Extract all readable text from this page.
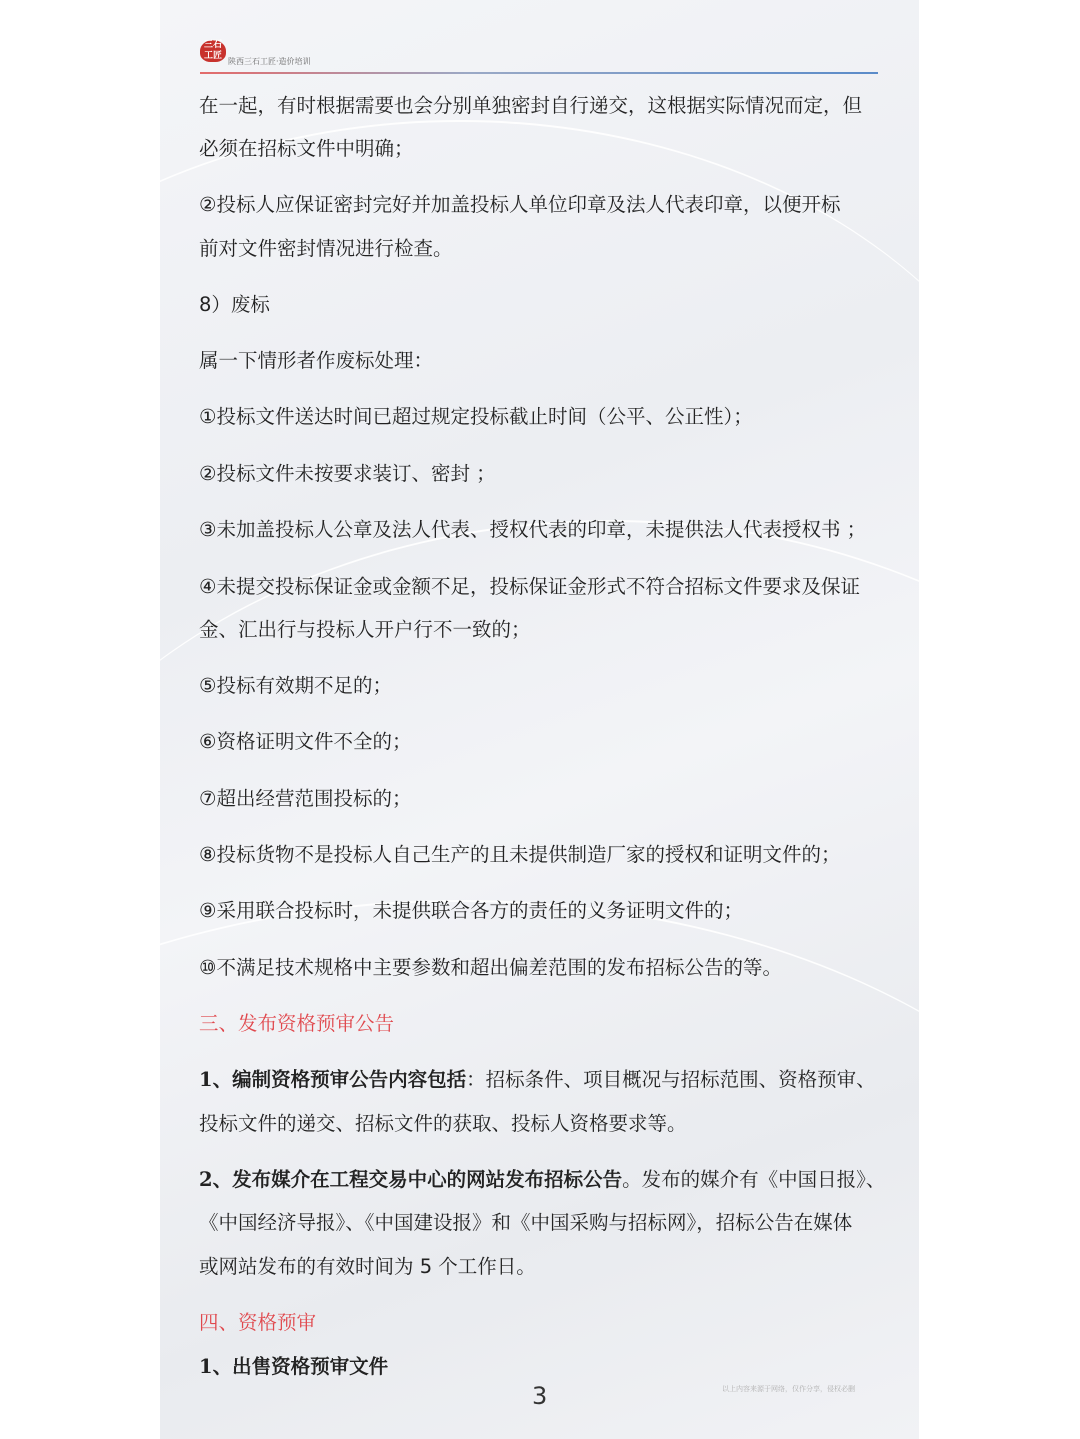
三石
工匠
陕西三石工匠·造价培训

在一起，有时根据需要也会分别单独密封自行递交，这根据实际情况而定，但

必须在招标文件中明确；

②投标人应保证密封完好并加盖投标人单位印章及法人代表印章，以便开标

前对文件密封情况进行检查。

8）废标

属一下情形者作废标处理：

①投标文件送达时间已超过规定投标截止时间（公平、公正性）；

②投标文件未按要求装订、密封 ；

③未加盖投标人公章及法人代表、授权代表的印章，未提供法人代表授权书 ；

④未提交投标保证金或金额不足，投标保证金形式不符合招标文件要求及保证

金、汇出行与投标人开户行不一致的；

⑤投标有效期不足的；

⑥资格证明文件不全的；

⑦超出经营范围投标的；

⑧投标货物不是投标人自己生产的且未提供制造厂家的授权和证明文件的；

⑨采用联合投标时，未提供联合各方的责任的义务证明文件的；

⑩不满足技术规格中主要参数和超出偏差范围的发布招标公告的等。

三、发布资格预审公告

1、编制资格预审公告内容包括：招标条件、项目概况与招标范围、资格预审、

投标文件的递交、招标文件的获取、投标人资格要求等。

2、发布媒介在工程交易中心的网站发布招标公告。发布的媒介有《中国日报》、

《中国经济导报》、《中国建设报》和《中国采购与招标网》，招标公告在媒体

或网站发布的有效时间为 5 个工作日。

四、资格预审

1、出售资格预审文件

3	以上内容来源于网络，仅作分享，侵权必删
